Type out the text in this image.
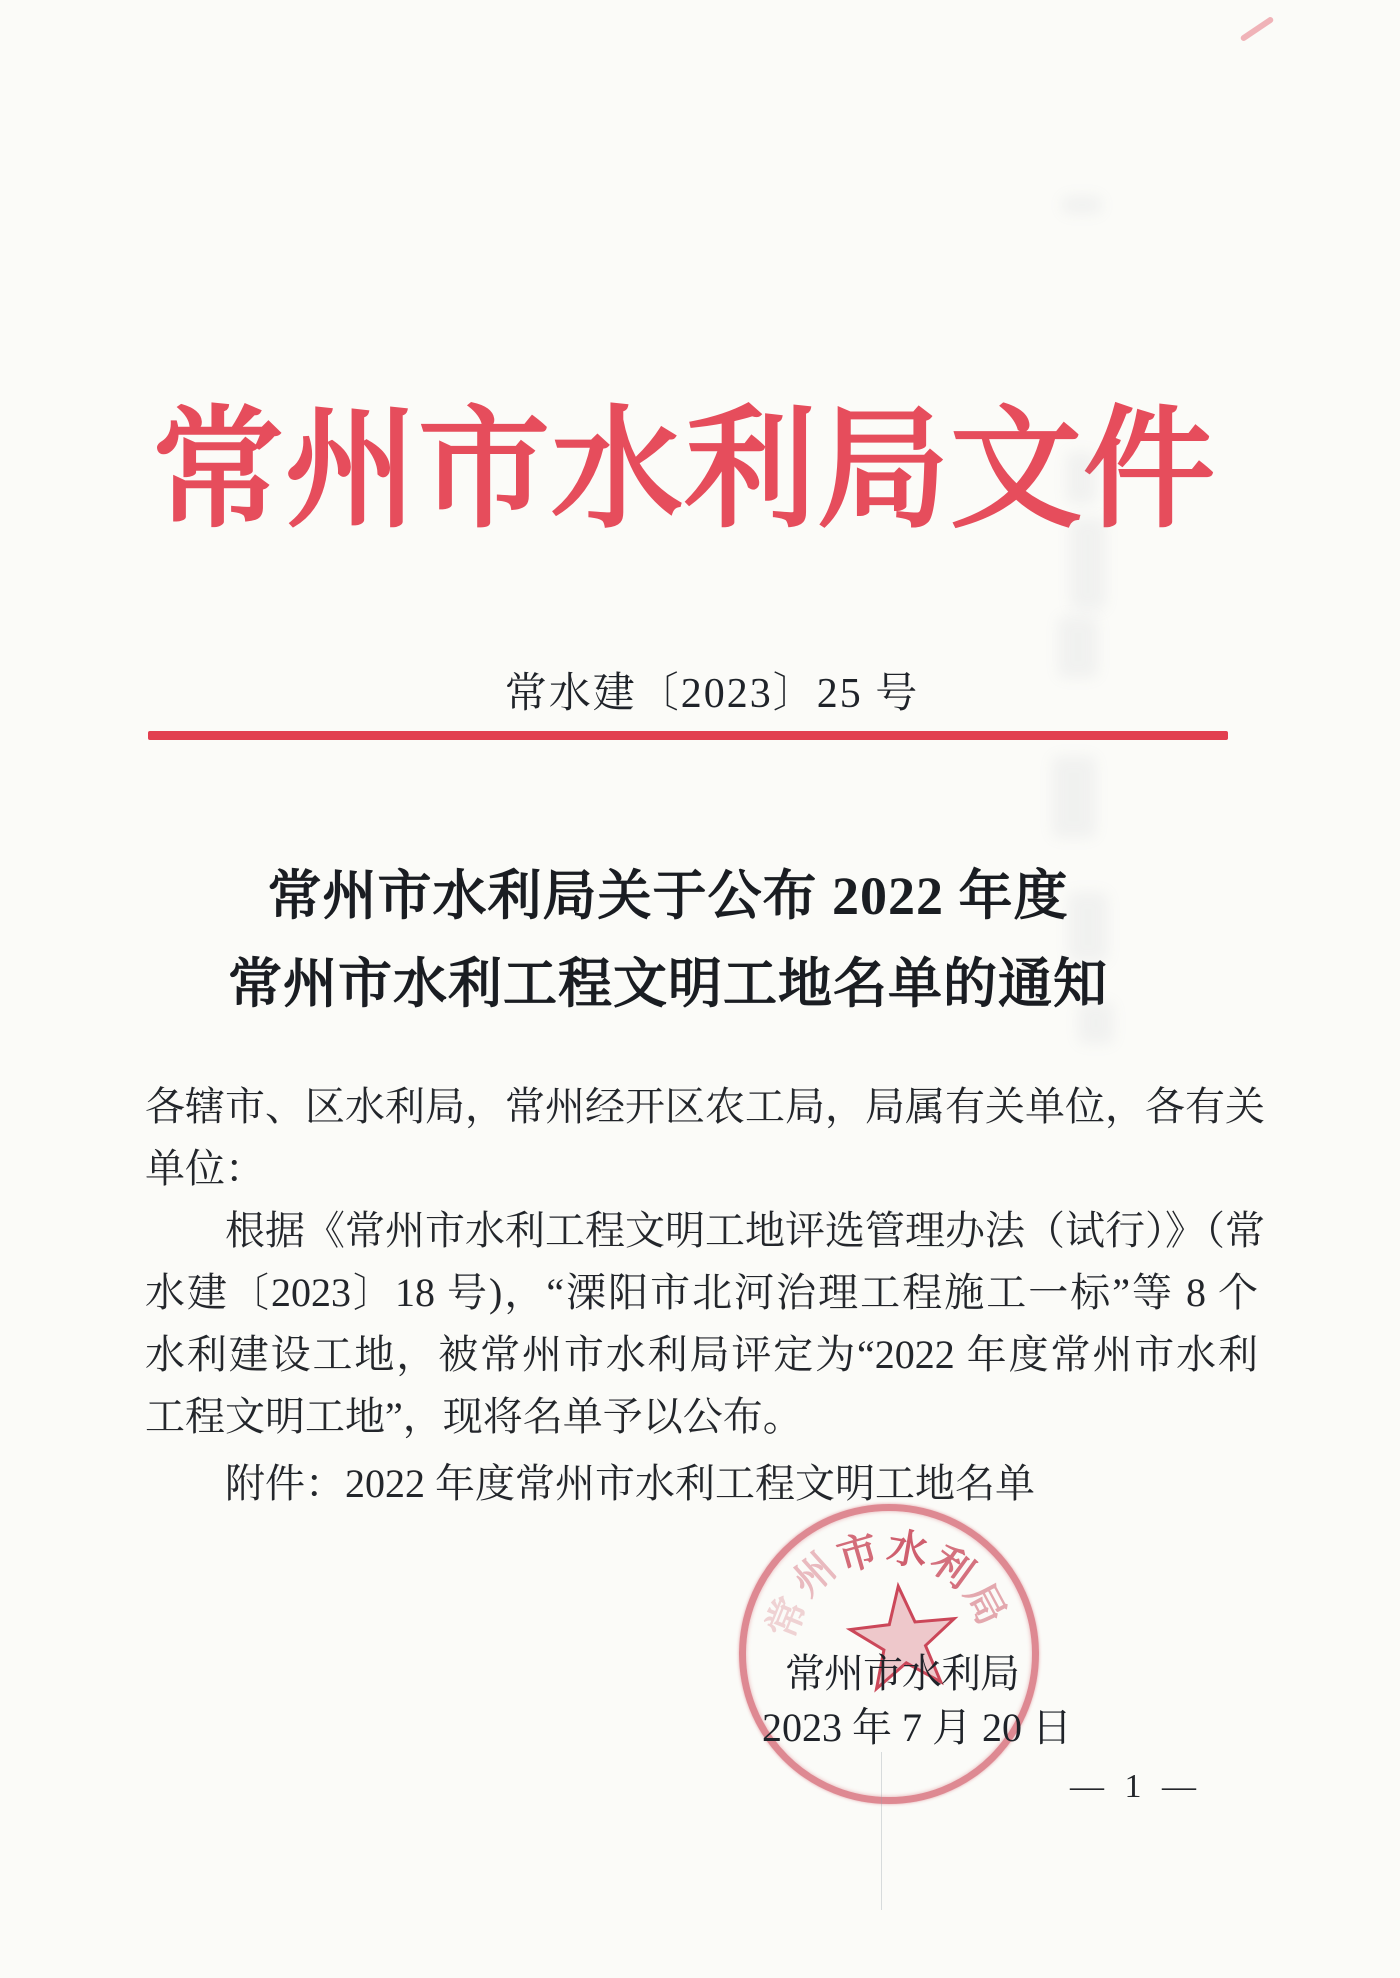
常州市水利局文件
常水建〔2023〕25 号
常州市水利局关于公布 2022 年度
常州市水利工程文明工地名单的通知
各辖市、区水利局，常州经开区农工局，局属有关单位，各有关
单位：
根据《常州市水利工程文明工地评选管理办法（试行）》（常
水建〔2023〕18 号)，“溧阳市北河治理工程施工一标”等 8 个
水利建设工地，被常州市水利局评定为“2022 年度常州市水利
工程文明工地”，现将名单予以公布。
附件：2022 年度常州市水利工程文明工地名单
常
州
市 水
利
局
常州市水利局
2023 年 7 月 20 日
— 1 —
